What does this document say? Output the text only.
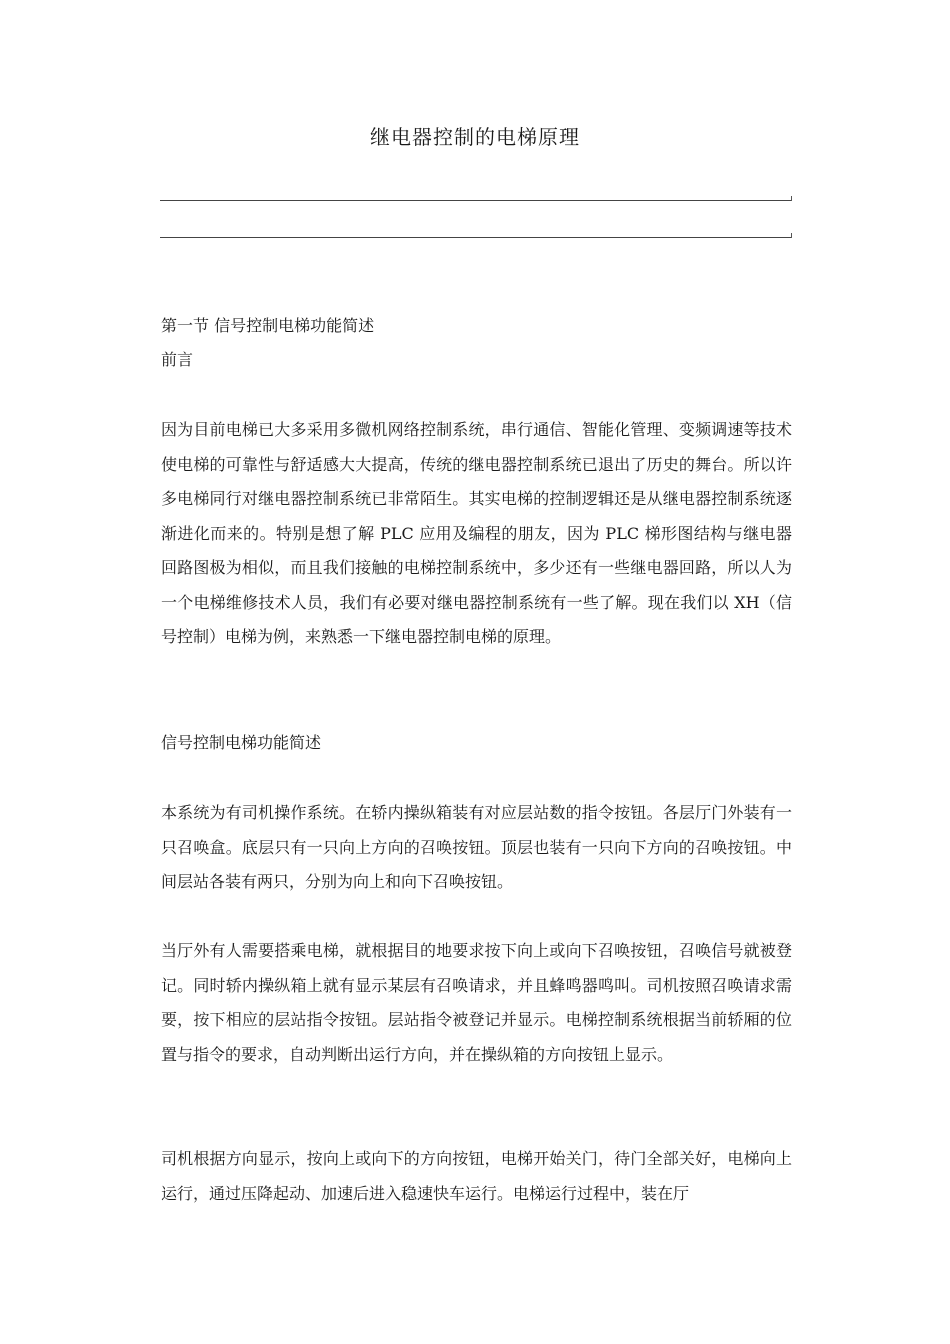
继电器控制的电梯原理
第一节 信号控制电梯功能简述
前言
因为目前电梯已大多采用多微机网络控制系统，串行通信、智能化管理、变频调速等技术使电梯的可靠性与舒适感大大提高，传统的继电器控制系统已退出了历史的舞台。所以许多电梯同行对继电器控制系统已非常陌生。其实电梯的控制逻辑还是从继电器控制系统逐渐进化而来的。特别是想了解 PLC 应用及编程的朋友，因为 PLC 梯形图结构与继电器回路图极为相似，而且我们接触的电梯控制系统中，多少还有一些继电器回路，所以人为一个电梯维修技术人员，我们有必要对继电器控制系统有一些了解。现在我们以 XH（信号控制）电梯为例，来熟悉一下继电器控制电梯的原理。
信号控制电梯功能简述
本系统为有司机操作系统。在轿内操纵箱装有对应层站数的指令按钮。各层厅门外装有一只召唤盒。底层只有一只向上方向的召唤按钮。顶层也装有一只向下方向的召唤按钮。中间层站各装有两只，分别为向上和向下召唤按钮。
当厅外有人需要搭乘电梯，就根据目的地要求按下向上或向下召唤按钮，召唤信号就被登记。同时轿内操纵箱上就有显示某层有召唤请求，并且蜂鸣器鸣叫。司机按照召唤请求需要，按下相应的层站指令按钮。层站指令被登记并显示。电梯控制系统根据当前轿厢的位置与指令的要求，自动判断出运行方向，并在操纵箱的方向按钮上显示。
司机根据方向显示，按向上或向下的方向按钮，电梯开始关门，待门全部关好，电梯向上运行，通过压降起动、加速后进入稳速快车运行。电梯运行过程中，装在厅
